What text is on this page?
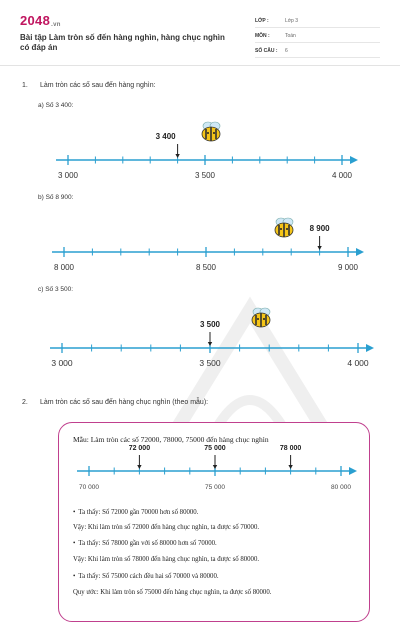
2048.vn
Bài tập Làm tròn số đến hàng nghìn, hàng chục nghìn có đáp án
LỚP :	Lớp 3
MÔN :	Toán
SỐ CÂU : 6
1. Làm tròn các số sau đến hàng nghìn:
a) Số 3 400:
3 000	3 500	4 000
3 400
b) Số 8 900:
8 000	8 500	9 000
8 900
c) Số 3 500:
3 000	3 500	4 000
3 500
2. Làm tròn các số sau đến hàng chục nghìn (theo mẫu):
Mẫu: Làm tròn các số 72000, 78000, 75000 đến hàng chục nghìn
70 000	75 000	80 000
72 000	75 000	78 000
• Ta thấy: Số 72000 gần 70000 hơn số 80000.
Vậy: Khi làm tròn số 72000 đến hàng chục nghìn, ta được số 70000.
• Ta thấy: Số 78000 gần với số 80000 hơn số 70000.
Vậy: Khi làm tròn số 78000 đến hàng chục nghìn, ta được số 80000.
• Ta thấy: Số 75000 cách đều hai số 70000 và 80000.
Quy ước: Khi làm tròn số 75000 đến hàng chục nghìn, ta được số 80000.
